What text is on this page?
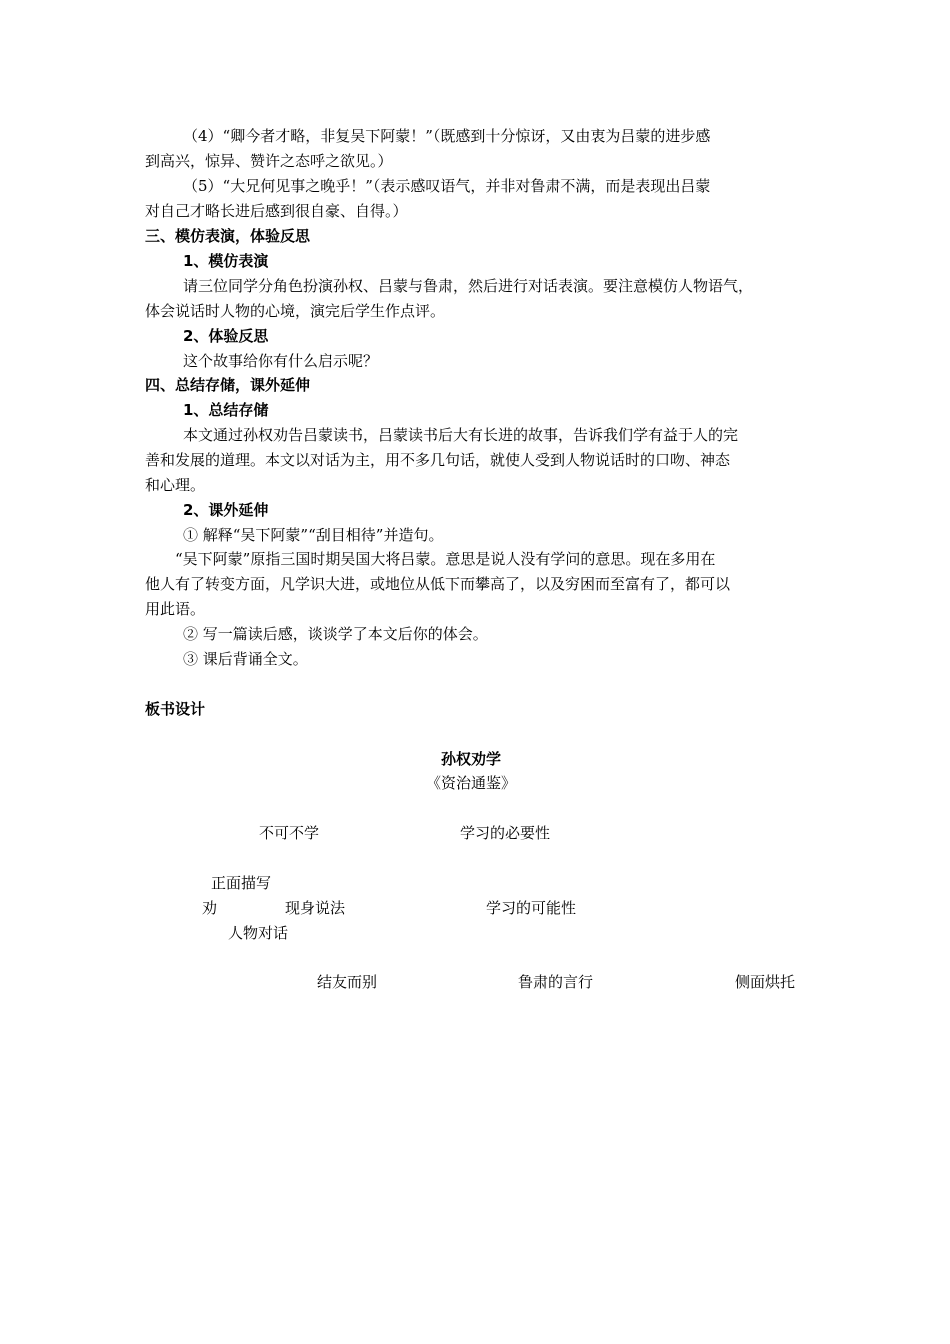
（4）“卿今者才略，非复吴下阿蒙！”（既感到十分惊讶，又由衷为吕蒙的进步感
到高兴，惊异、赞许之态呼之欲见。）
（5）“大兄何见事之晚乎！”（表示感叹语气，并非对鲁肃不满，而是表现出吕蒙
对自己才略长进后感到很自豪、自得。）
三、模仿表演，体验反思
1、模仿表演
请三位同学分角色扮演孙权、吕蒙与鲁肃，然后进行对话表演。要注意模仿人物语气，
体会说话时人物的心境，演完后学生作点评。
2、体验反思
这个故事给你有什么启示呢？
四、总结存储，课外延伸
1、总结存储
本文通过孙权劝告吕蒙读书，吕蒙读书后大有长进的故事，告诉我们学有益于人的完
善和发展的道理。本文以对话为主，用不多几句话，就使人受到人物说话时的口吻、神态
和心理。
2、课外延伸
① 解释“吴下阿蒙”“刮目相待”并造句。
“吴下阿蒙”原指三国时期吴国大将吕蒙。意思是说人没有学问的意思。现在多用在
他人有了转变方面，凡学识大进，或地位从低下而攀高了，以及穷困而至富有了，都可以
用此语。
② 写一篇读后感，谈谈学了本文后你的体会。
③ 课后背诵全文。
板书设计
孙权劝学
《资治通鉴》
不可不学	学习的必要性
正面描写
劝	现身说法	学习的可能性
人物对话
结友而别	鲁肃的言行	侧面烘托
